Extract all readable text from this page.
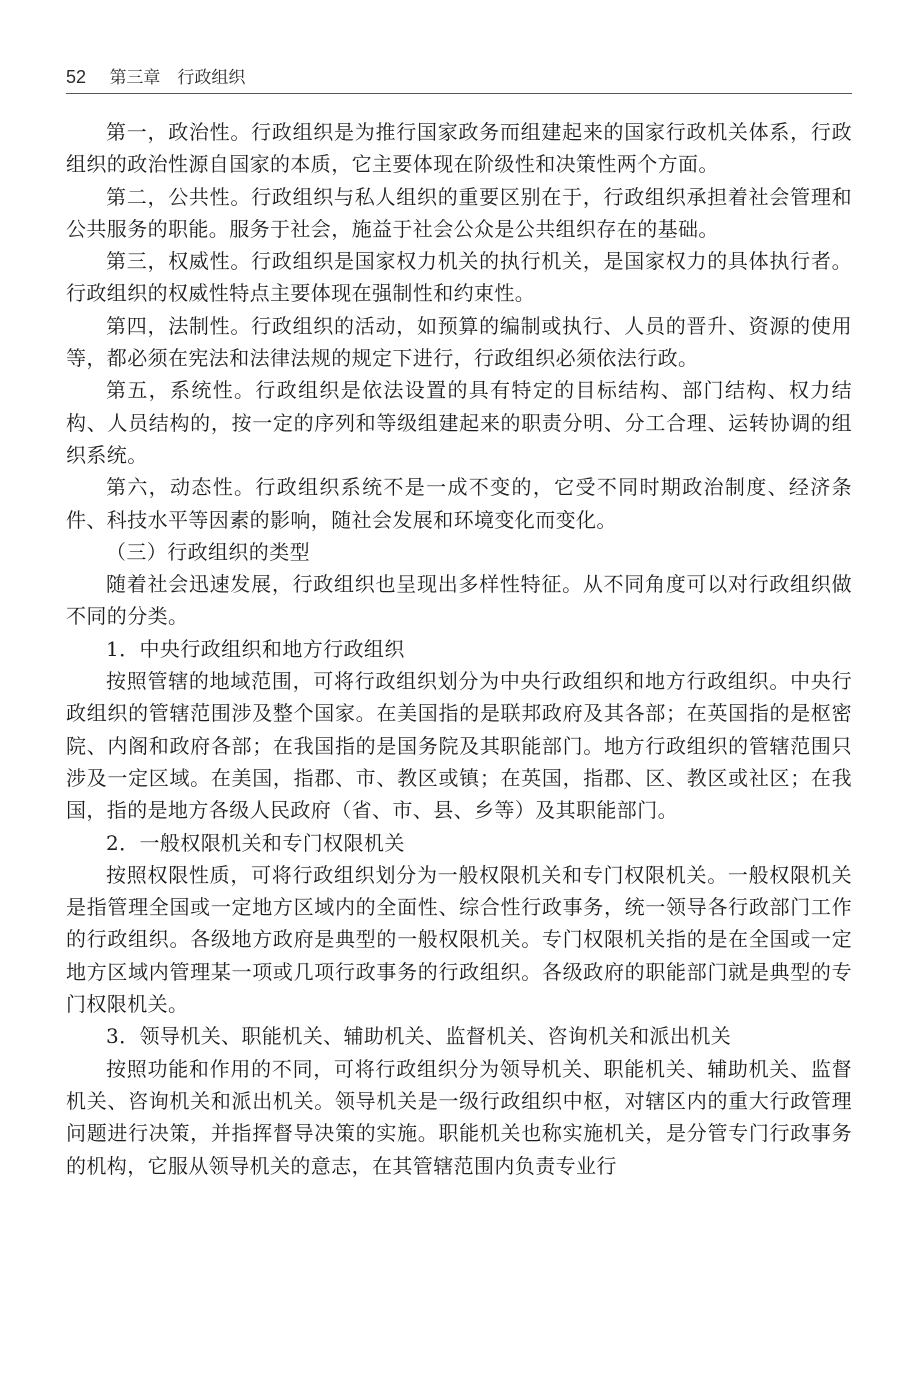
52 第三章　行政组织

第一，政治性。行政组织是为推行国家政务而组建起来的国家行政机关体系，行政组织的政治性源自国家的本质，它主要体现在阶级性和决策性两个方面。

第二，公共性。行政组织与私人组织的重要区别在于，行政组织承担着社会管理和公共服务的职能。服务于社会，施益于社会公众是公共组织存在的基础。

第三，权威性。行政组织是国家权力机关的执行机关，是国家权力的具体执行者。行政组织的权威性特点主要体现在强制性和约束性。

第四，法制性。行政组织的活动，如预算的编制或执行、人员的晋升、资源的使用等，都必须在宪法和法律法规的规定下进行，行政组织必须依法行政。

第五，系统性。行政组织是依法设置的具有特定的目标结构、部门结构、权力结构、人员结构的，按一定的序列和等级组建起来的职责分明、分工合理、运转协调的组织系统。

第六，动态性。行政组织系统不是一成不变的，它受不同时期政治制度、经济条件、科技水平等因素的影响，随社会发展和环境变化而变化。

（三）行政组织的类型

随着社会迅速发展，行政组织也呈现出多样性特征。从不同角度可以对行政组织做不同的分类。

1．中央行政组织和地方行政组织

按照管辖的地域范围，可将行政组织划分为中央行政组织和地方行政组织。中央行政组织的管辖范围涉及整个国家。在美国指的是联邦政府及其各部；在英国指的是枢密院、内阁和政府各部；在我国指的是国务院及其职能部门。地方行政组织的管辖范围只涉及一定区域。在美国，指郡、市、教区或镇；在英国，指郡、区、教区或社区；在我国，指的是地方各级人民政府（省、市、县、乡等）及其职能部门。

2．一般权限机关和专门权限机关

按照权限性质，可将行政组织划分为一般权限机关和专门权限机关。一般权限机关是指管理全国或一定地方区域内的全面性、综合性行政事务，统一领导各行政部门工作的行政组织。各级地方政府是典型的一般权限机关。专门权限机关指的是在全国或一定地方区域内管理某一项或几项行政事务的行政组织。各级政府的职能部门就是典型的专门权限机关。

3．领导机关、职能机关、辅助机关、监督机关、咨询机关和派出机关

按照功能和作用的不同，可将行政组织分为领导机关、职能机关、辅助机关、监督机关、咨询机关和派出机关。领导机关是一级行政组织中枢，对辖区内的重大行政管理问题进行决策，并指挥督导决策的实施。职能机关也称实施机关，是分管专门行政事务的机构，它服从领导机关的意志，在其管辖范围内负责专业行
